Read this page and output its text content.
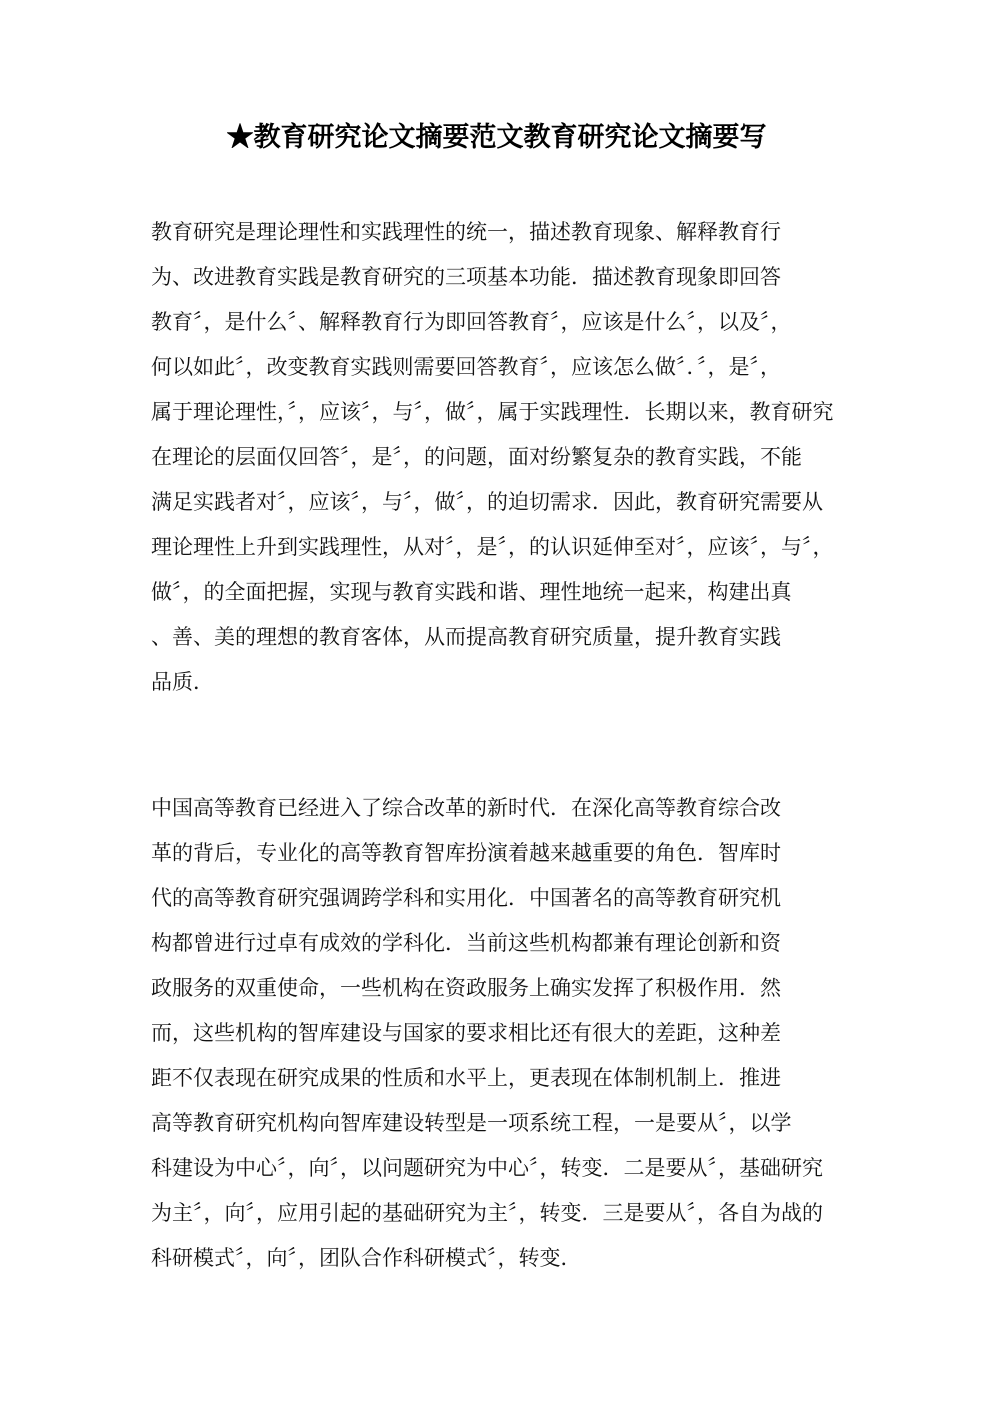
★教育研究论文摘要范文教育研究论文摘要写

教育研究是理论理性和实践理性的统一，描述教育现象、解释教育行
为、改进教育实践是教育研究的三项基本功能．描述教育现象即回答
教育〞，是什么〞、解释教育行为即回答教育〞，应该是什么〞，以及〞，
何以如此〞，改变教育实践则需要回答教育〞，应该怎么做〞．〞，是〞，
属于理论理性，〞，应该〞，与〞，做〞，属于实践理性．长期以来，教育研究
在理论的层面仅回答〞，是〞，的问题，面对纷繁复杂的教育实践，不能
满足实践者对〞，应该〞，与〞，做〞，的迫切需求．因此，教育研究需要从
理论理性上升到实践理性，从对〞，是〞，的认识延伸至对〞，应该〞，与〞，
做〞，的全面把握，实现与教育实践和谐、理性地统一起来，构建出真
、善、美的理想的教育客体，从而提高教育研究质量，提升教育实践
品质．

中国高等教育已经进入了综合改革的新时代．在深化高等教育综合改
革的背后，专业化的高等教育智库扮演着越来越重要的角色．智库时
代的高等教育研究强调跨学科和实用化．中国著名的高等教育研究机
构都曾进行过卓有成效的学科化．当前这些机构都兼有理论创新和资
政服务的双重使命，一些机构在资政服务上确实发挥了积极作用．然
而，这些机构的智库建设与国家的要求相比还有很大的差距，这种差
距不仅表现在研究成果的性质和水平上，更表现在体制机制上．推进
高等教育研究机构向智库建设转型是一项系统工程，一是要从〞，以学
科建设为中心〞，向〞，以问题研究为中心〞，转变．二是要从〞，基础研究
为主〞，向〞，应用引起的基础研究为主〞，转变．三是要从〞，各自为战的
科研模式〞，向〞，团队合作科研模式〞，转变．
